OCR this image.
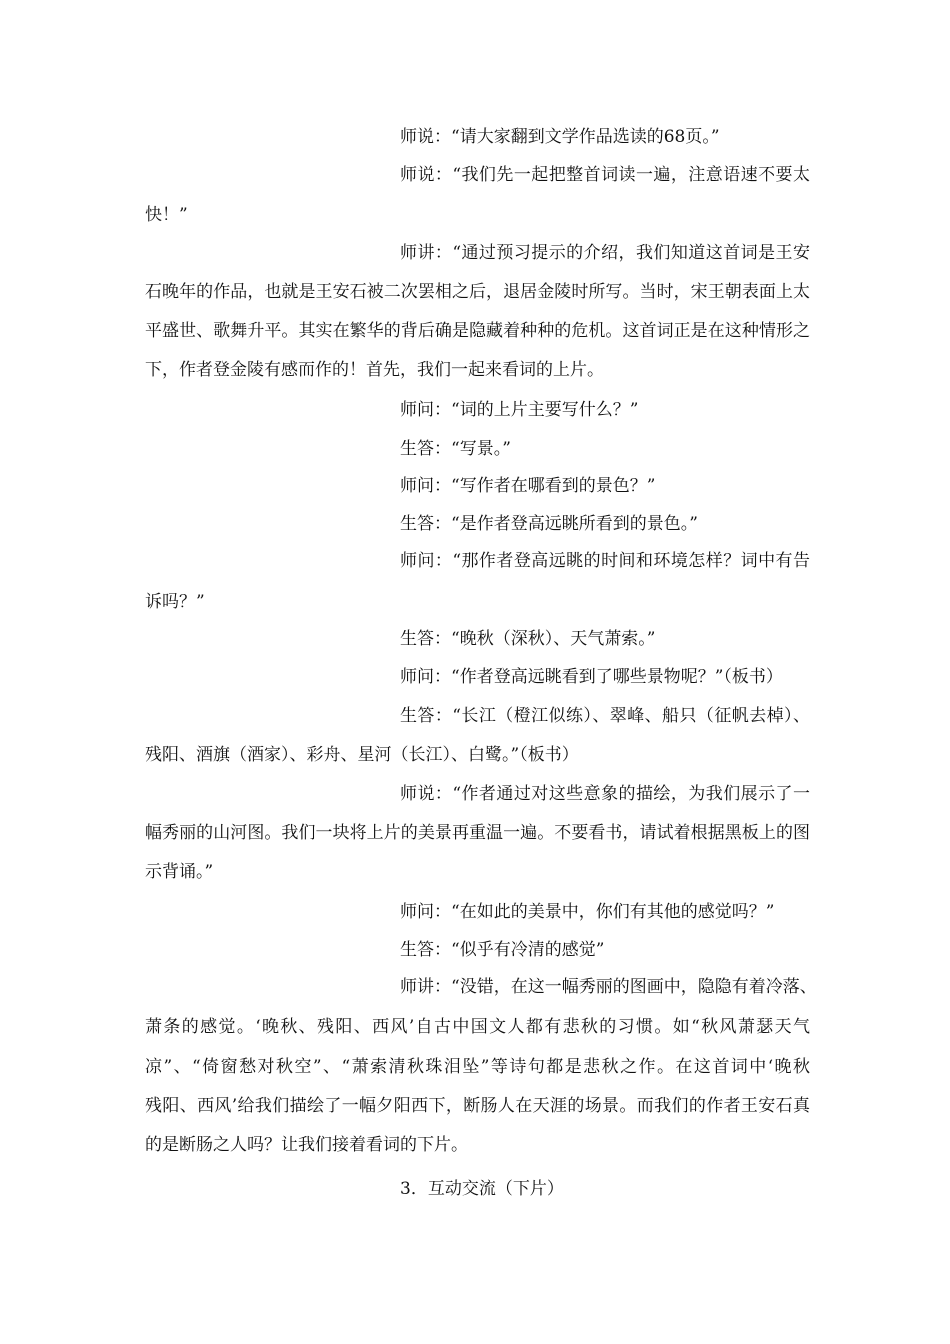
师说：“请大家翻到文学作品选读的68页。”
师说：“我们先一起把整首词读一遍，注意语速不要太
快！”
师讲：“通过预习提示的介绍，我们知道这首词是王安
石晚年的作品，也就是王安石被二次罢相之后，退居金陵时所写。当时，宋王朝表面上太
平盛世、歌舞升平。其实在繁华的背后确是隐藏着种种的危机。这首词正是在这种情形之
下，作者登金陵有感而作的！首先，我们一起来看词的上片。
师问：“词的上片主要写什么？”
生答：“写景。”
师问：“写作者在哪看到的景色？”
生答：“是作者登高远眺所看到的景色。”
师问：“那作者登高远眺的时间和环境怎样？词中有告
诉吗？”
生答：“晚秋（深秋）、天气萧索。”
师问：“作者登高远眺看到了哪些景物呢？”（板书）
生答：“长江（橙江似练）、翠峰、船只（征帆去棹）、
残阳、酒旗（酒家）、彩舟、星河（长江）、白鹭。”（板书）
师说：“作者通过对这些意象的描绘，为我们展示了一
幅秀丽的山河图。我们一块将上片的美景再重温一遍。不要看书，请试着根据黑板上的图
示背诵。”
师问：“在如此的美景中，你们有其他的感觉吗？”
生答：“似乎有冷清的感觉”
师讲：“没错，在这一幅秀丽的图画中，隐隐有着冷落、
萧条的感觉。‘晚秋、残阳、西风’自古中国文人都有悲秋的习惯。如“秋风萧瑟天气
凉”、“倚窗愁对秋空”、“萧索清秋珠泪坠”等诗句都是悲秋之作。在这首词中‘晚秋
残阳、西风’给我们描绘了一幅夕阳西下，断肠人在天涯的场景。而我们的作者王安石真
的是断肠之人吗？让我们接着看词的下片。
3．互动交流（下片）
